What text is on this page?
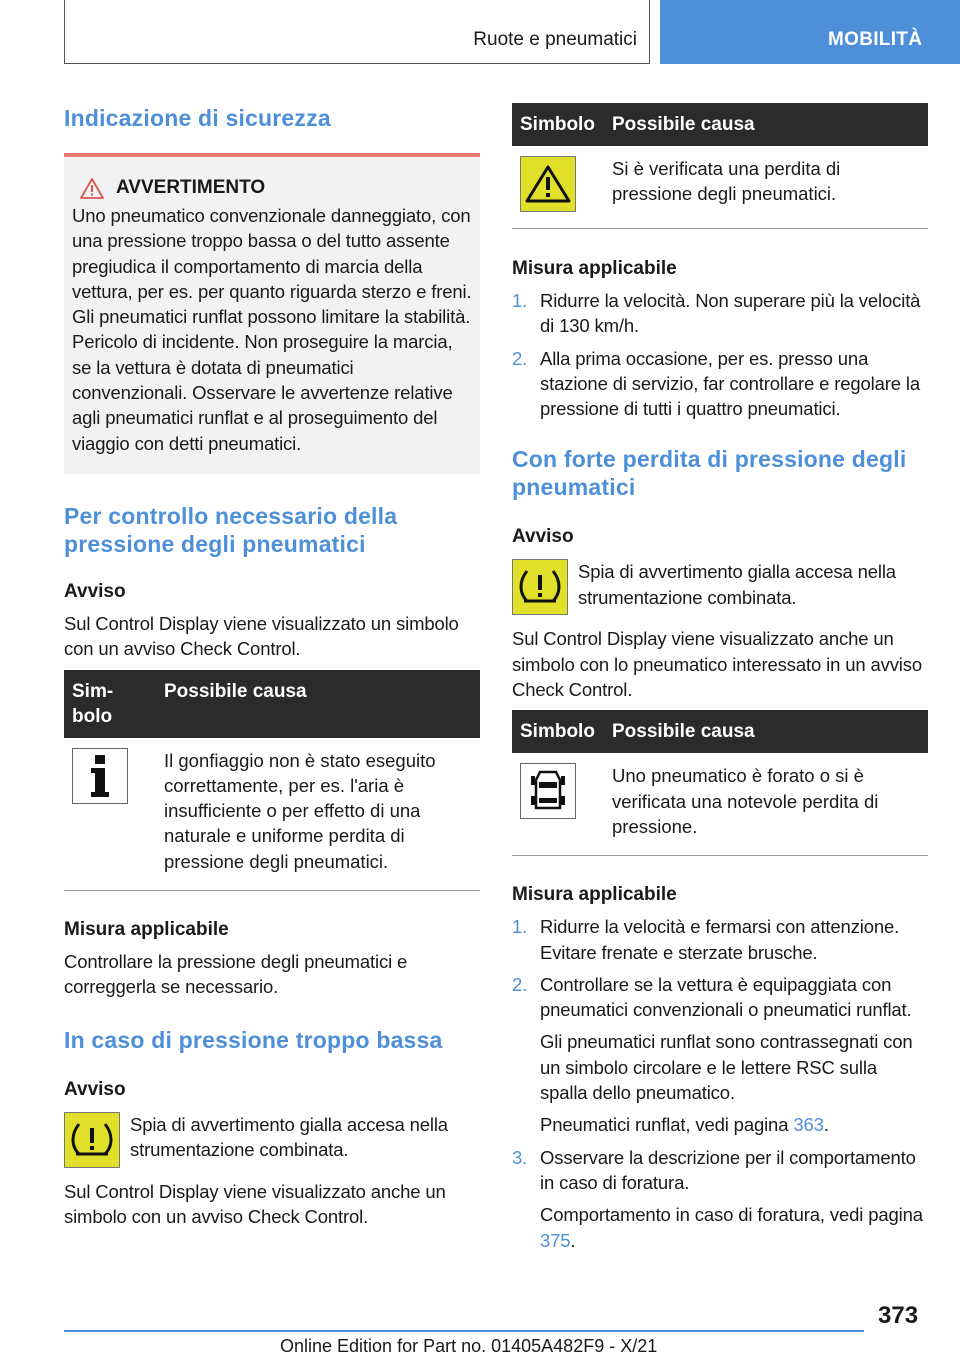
Ruote e pneumatici	MOBILITÀ
Indicazione di sicurezza
AVVERTIMENTO

Uno pneumatico convenzionale danneggiato, con una pressione troppo bassa o del tutto assente pregiudica il comportamento di marcia della vettura, per es. per quanto riguarda sterzo e freni. Gli pneumatici runflat possono limitare la stabilità. Pericolo di incidente. Non proseguire la marcia, se la vettura è dotata di pneumatici convenzionali. Osservare le avvertenze relative agli pneumatici runflat e al proseguimento del viaggio con detti pneumatici.

Per controllo necessario della pressione degli pneumatici
Avviso

Sul Control Display viene visualizzato un simbolo con un avviso Check Control.

Sim-
bolo	Possibile causa

	Il gonfiaggio non è stato eseguito correttamente, per es. l'aria è insufficiente o per effetto di una naturale e uniforme perdita di pressione degli pneumatici.
Misura applicabile

Controllare la pressione degli pneumatici e correggerla se necessario.

In caso di pressione troppo bassa
Avviso

Spia di avvertimento gialla accesa nella strumentazione combinata.

Sul Control Display viene visualizzato anche un simbolo con un avviso Check Control.

Simbolo	Possibile causa

	Si è verificata una perdita di pressione degli pneumatici.
Misura applicabile
1. Ridurre la velocità. Non superare più la velocità di 130 km/h.
2. Alla prima occasione, per es. presso una stazione di servizio, far controllare e regolare la pressione di tutti i quattro pneumatici.
Con forte perdita di pressione degli pneumatici
Avviso

Spia di avvertimento gialla accesa nella strumentazione combinata.

Sul Control Display viene visualizzato anche un simbolo con lo pneumatico interessato in un avviso Check Control.

Simbolo	Possibile causa

	Uno pneumatico è forato o si è verificata una notevole perdita di pressione.
Misura applicabile
1. Ridurre la velocità e fermarsi con attenzione. Evitare frenate e sterzate brusche.
2. Controllare se la vettura è equipaggiata con pneumatici convenzionali o pneumatici runflat.

Gli pneumatici runflat sono contrassegnati con un simbolo circolare e le lettere RSC sulla spalla dello pneumatico.

Pneumatici runflat, vedi pagina 363.

3. Osservare la descrizione per il comportamento in caso di foratura.

Comportamento in caso di foratura, vedi pagina 375.

373
Online Edition for Part no. 01405A482F9 - X/21
